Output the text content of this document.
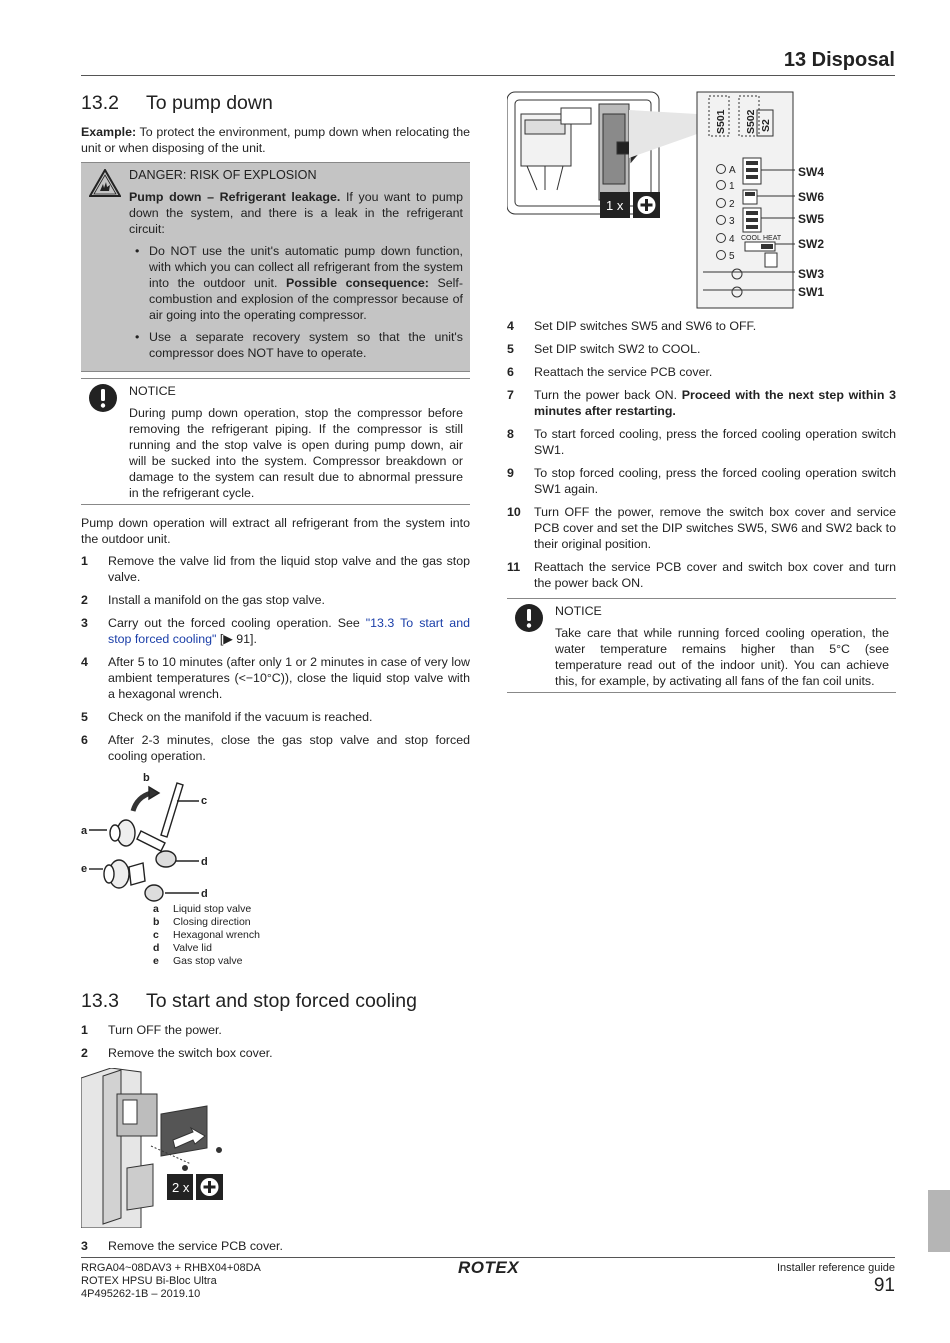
13 Disposal
13.2	To pump down

Example: To protect the environment, pump down when relocating the unit or when disposing of the unit.

DANGER: RISK OF EXPLOSION

Pump down – Refrigerant leakage. If you want to pump down the system, and there is a leak in the refrigerant circuit:

• Do NOT use the unit's automatic pump down function, with which you can collect all refrigerant from the system into the outdoor unit. Possible consequence: Self-combustion and explosion of the compressor because of air going into the operating compressor.
• Use a separate recovery system so that the unit's compressor does NOT have to operate.
NOTICE

During pump down operation, stop the compressor before removing the refrigerant piping. If the compressor is still running and the stop valve is open during pump down, air will be sucked into the system. Compressor breakdown or damage to the system can result due to abnormal pressure in the refrigerant cycle.

Pump down operation will extract all refrigerant from the system into the outdoor unit.

1	Remove the valve lid from the liquid stop valve and the gas stop valve.
2	Install a manifold on the gas stop valve.
3	Carry out the forced cooling operation. See "13.3 To start and stop forced cooling" [▶ 91].
4	After 5 to 10 minutes (after only 1 or 2 minutes in case of very low ambient temperatures (<−10°C)), close the liquid stop valve with a hexagonal wrench.
5	Check on the manifold if the vacuum is reached.
6	After 2-3 minutes, close the gas stop valve and stop forced cooling operation.
b
c
a
d
e
d
a	Liquid stop valve
b	Closing direction
c	Hexagonal wrench
d	Valve lid
e	Gas stop valve
13.3	To start and stop forced cooling
1	Turn OFF the power.
2	Remove the switch box cover.
2 x
3	Remove the service PCB cover.
1 x
S501 S502 S2
A
1
2
3
4
5
COOL HEAT
SW4
SW6
SW5
SW2
SW3
SW1
4	Set DIP switches SW5 and SW6 to OFF.
5	Set DIP switch SW2 to COOL.
6	Reattach the service PCB cover.
7	Turn the power back ON. Proceed with the next step within 3 minutes after restarting.
8	To start forced cooling, press the forced cooling operation switch SW1.
9	To stop forced cooling, press the forced cooling operation switch SW1 again.
10	Turn OFF the power, remove the switch box cover and service PCB cover and set the DIP switches SW5, SW6 and SW2 back to their original position.
11	Reattach the service PCB cover and switch box cover and turn the power back ON.
NOTICE

Take care that while running forced cooling operation, the water temperature remains higher than 5°C (see temperature read out of the indoor unit). You can achieve this, for example, by activating all fans of the fan coil units.

RRGA04~08DAV3 + RHBX04+08DA
ROTEX HPSU Bi-Bloc Ultra
4P495262-1B – 2019.10
ROTEX	Installer reference guide
91
